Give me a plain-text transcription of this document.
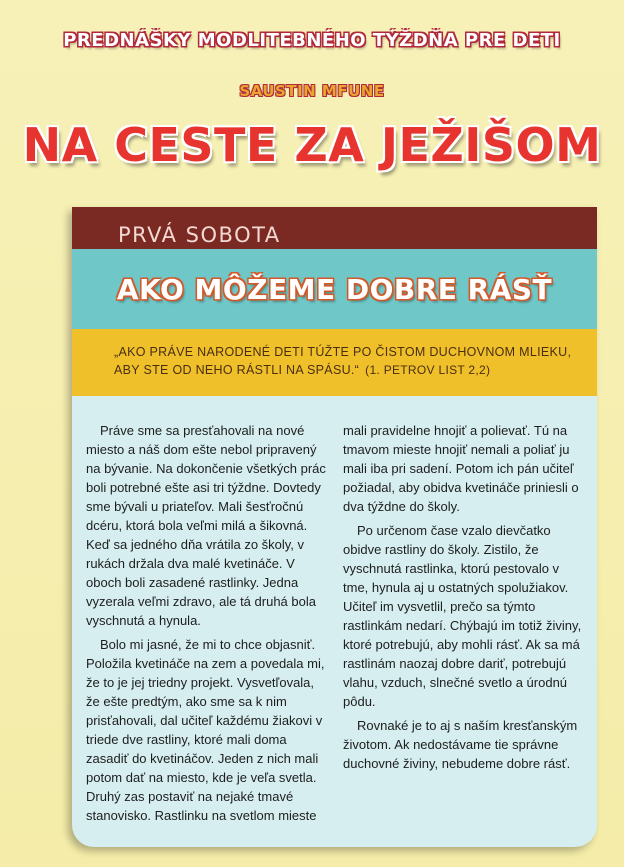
PREDNÁŠKY MODLITEBNÉHO TÝŽDŇA PRE DETI
SAUSTIN MFUNE
NA CESTE ZA JEŽIŠOM
PRVÁ SOBOTA
AKO MÔŽEME DOBRE RÁSŤ
„AKO PRÁVE NARODENÉ DETI TÚŽTE PO ČISTOM DUCHOVNOM MLIEKU, ABY STE OD NEHO RÁSTLI NA SPÁSU.“ (1. PETROV LIST 2,2)

Práve sme sa presťahovali na nové miesto a náš dom ešte nebol pripravený na bývanie. Na dokončenie všetkých prác boli potrebné ešte asi tri týždne. Dovtedy sme bývali u priateľov. Mali šesťročnú dcéru, ktorá bola veľmi milá a šikovná. Keď sa jedného dňa vrátila zo školy, v rukách držala dva malé kvetináče. V oboch boli zasadené rastlinky. Jedna vyzerala veľmi zdravo, ale tá druhá bola vyschnutá a hynula.

Bolo mi jasné, že mi to chce objasniť. Položila kvetináče na zem a povedala mi, že to je jej triedny projekt. Vysvetľovala, že ešte predtým, ako sme sa k nim prisťahovali, dal učiteľ každému žiakovi v triede dve rastliny, ktoré mali doma zasadiť do kvetináčov. Jeden z nich mali potom dať na miesto, kde je veľa svetla. Druhý zas postaviť na nejaké tmavé stanovisko. Rastlinku na svetlom mieste mali pravidelne hnojiť a polievať. Tú na tmavom mieste hnojiť nemali a poliať ju mali iba pri sadení. Potom ich pán učiteľ požiadal, aby obidva kvetináče priniesli o dva týždne do školy.

Po určenom čase vzalo dievčatko obidve rastliny do školy. Zistilo, že vyschnutá rastlinka, ktorú pestovalo v tme, hynula aj u ostatných spolužiakov. Učiteľ im vysvetlil, prečo sa týmto rastlinkám nedarí. Chýbajú im totiž živiny, ktoré potrebujú, aby mohli rásť. Ak sa má rastlinám naozaj dobre dariť, potrebujú vlahu, vzduch, slnečné svetlo a úrodnú pôdu.

Rovnaké je to aj s naším kresťanským životom. Ak nedostávame tie správne duchovné živiny, nebudeme dobre rásť.
